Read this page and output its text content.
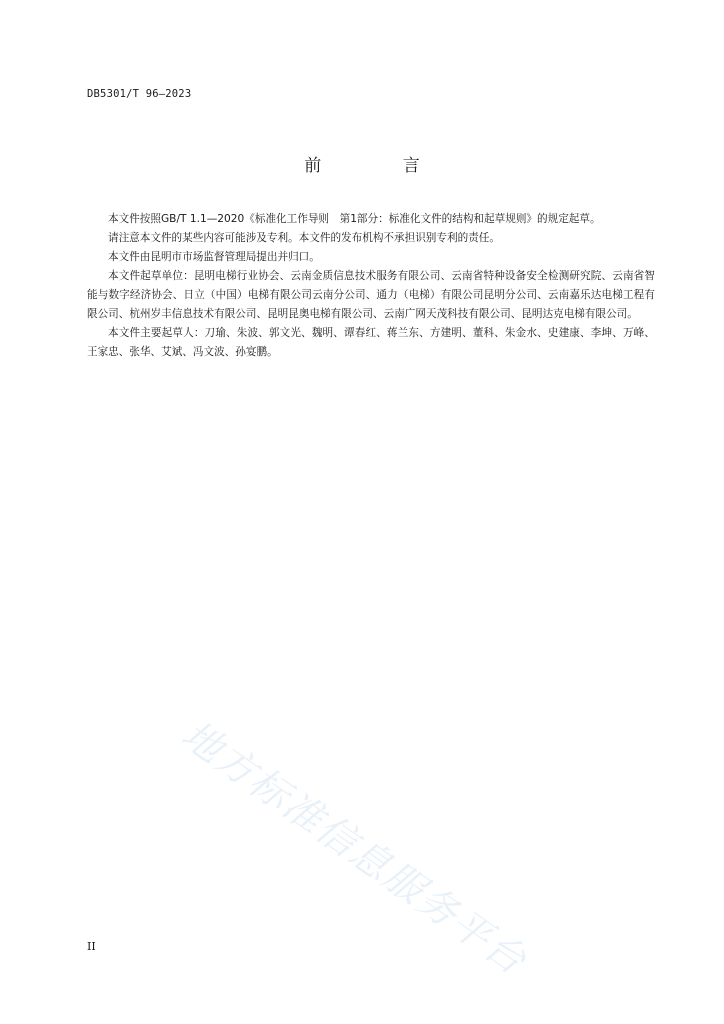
DB5301/T 96—2023
前 言

本文件按照GB/T 1.1—2020《标准化工作导则　第1部分：标准化文件的结构和起草规则》的规定起草。

请注意本文件的某些内容可能涉及专利。本文件的发布机构不承担识别专利的责任。

本文件由昆明市市场监督管理局提出并归口。

本文件起草单位：昆明电梯行业协会、云南金质信息技术服务有限公司、云南省特种设备安全检测研究院、云南省智能与数字经济协会、日立（中国）电梯有限公司云南分公司、通力（电梯）有限公司昆明分公司、云南嘉乐达电梯工程有限公司、杭州岁丰信息技术有限公司、昆明昆奥电梯有限公司、云南广网天茂科技有限公司、昆明达克电梯有限公司。

本文件主要起草人：刀瑜、朱波、郭文光、魏明、谭春红、蒋兰东、方建明、董科、朱金水、史建康、李坤、万峰、王家忠、张华、艾斌、冯文波、孙宴鹏。

地方标准信息服务平台
II
